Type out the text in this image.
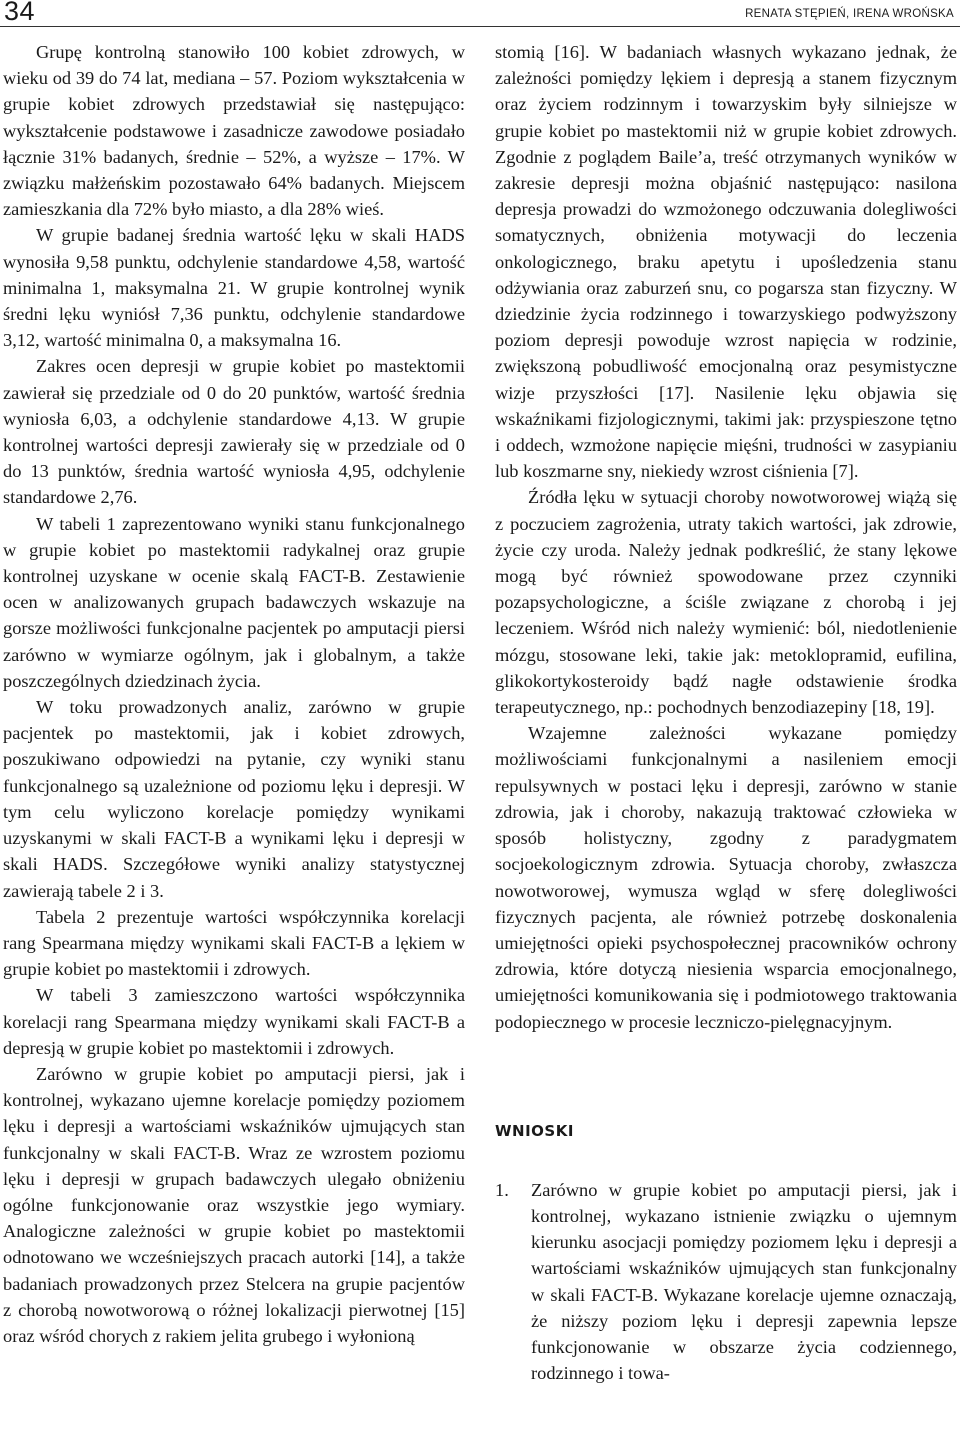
34	RENATA STĘPIEŃ, IRENA WROŃSKA

Grupę kontrolną stanowiło 100 kobiet zdrowych, w wieku od 39 do 74 lat, mediana – 57. Poziom wykształcenia w grupie kobiet zdrowych przedstawiał się następująco: wykształcenie podstawowe i zasadnicze zawodowe posiadało łącznie 31% badanych, średnie – 52%, a wyższe – 17%. W związku małżeńskim pozostawało 64% badanych. Miejscem zamieszkania dla 72% było miasto, a dla 28% wieś.

W grupie badanej średnia wartość lęku w skali HADS wynosiła 9,58 punktu, odchylenie standardowe 4,58, wartość minimalna 1, maksymalna 21. W grupie kontrolnej wynik średni lęku wyniósł 7,36 punktu, odchylenie standardowe 3,12, wartość minimalna 0, a maksymalna 16.

Zakres ocen depresji w grupie kobiet po mastektomii zawierał się przedziale od 0 do 20 punktów, wartość średnia wyniosła 6,03, a odchylenie standardowe 4,13. W grupie kontrolnej wartości depresji zawierały się w przedziale od 0 do 13 punktów, średnia wartość wyniosła 4,95, odchylenie standardowe 2,76.

W tabeli 1 zaprezentowano wyniki stanu funkcjonalnego w grupie kobiet po mastektomii radykalnej oraz grupie kontrolnej uzyskane w ocenie skalą FACT-B. Zestawienie ocen w analizowanych grupach badawczych wskazuje na gorsze możliwości funkcjonalne pacjentek po amputacji piersi zarówno w wymiarze ogólnym, jak i globalnym, a także poszczególnych dziedzinach życia.

W toku prowadzonych analiz, zarówno w grupie pacjentek po mastektomii, jak i kobiet zdrowych, poszukiwano odpowiedzi na pytanie, czy wyniki stanu funkcjonalnego są uzależnione od poziomu lęku i depresji. W tym celu wyliczono korelacje pomiędzy wynikami uzyskanymi w skali FACT-B a wynikami lęku i depresji w skali HADS. Szczegółowe wyniki analizy statystycznej zawierają tabele 2 i 3.

Tabela 2 prezentuje wartości współczynnika korelacji rang Spearmana między wynikami skali FACT-B a lękiem w grupie kobiet po mastektomii i zdrowych.

W tabeli 3 zamieszczono wartości współczynnika korelacji rang Spearmana między wynikami skali FACT-B a depresją w grupie kobiet po mastektomii i zdrowych.

Zarówno w grupie kobiet po amputacji piersi, jak i kontrolnej, wykazano ujemne korelacje pomiędzy poziomem lęku i depresji a wartościami wskaźników ujmujących stan funkcjonalny w skali FACT-B. Wraz ze wzrostem poziomu lęku i depresji w grupach badawczych ulegało obniżeniu ogólne funkcjonowanie oraz wszystkie jego wymiary. Analogiczne zależności w grupie kobiet po mastektomii odnotowano we wcześniejszych pracach autorki [14], a także badaniach prowadzonych przez Stelcera na grupie pacjentów z chorobą nowotworową o różnej lokalizacji pierwotnej [15] oraz wśród chorych z rakiem jelita grubego i wyłonioną

stomią [16]. W badaniach własnych wykazano jednak, że zależności pomiędzy lękiem i depresją a stanem fizycznym oraz życiem rodzinnym i towarzyskim były silniejsze w grupie kobiet po mastektomii niż w grupie kobiet zdrowych. Zgodnie z poglądem Baile’a, treść otrzymanych wyników w zakresie depresji można objaśnić następująco: nasilona depresja prowadzi do wzmożonego odczuwania dolegliwości somatycznych, obniżenia motywacji do leczenia onkologicznego, braku apetytu i upośledzenia stanu odżywiania oraz zaburzeń snu, co pogarsza stan fizyczny. W dziedzinie życia rodzinnego i towarzyskiego podwyższony poziom depresji powoduje wzrost napięcia w rodzinie, zwiększoną pobudliwość emocjonalną oraz pesymistyczne wizje przyszłości [17]. Nasilenie lęku objawia się wskaźnikami fizjologicznymi, takimi jak: przyspieszone tętno i oddech, wzmożone napięcie mięśni, trudności w zasypianiu lub koszmarne sny, niekiedy wzrost ciśnienia [7].

Źródła lęku w sytuacji choroby nowotworowej wiążą się z poczuciem zagrożenia, utraty takich wartości, jak zdrowie, życie czy uroda. Należy jednak podkreślić, że stany lękowe mogą być również spowodowane przez czynniki pozapsychologiczne, a ściśle związane z chorobą i jej leczeniem. Wśród nich należy wymienić: ból, niedotlenienie mózgu, stosowane leki, takie jak: metoklopramid, eufilina, glikokortykosteroidy bądź nagłe odstawienie środka terapeutycznego, np.: pochodnych benzodiazepiny [18, 19].

Wzajemne zależności wykazane pomiędzy możliwościami funkcjonalnymi a nasileniem emocji repulsywnych w postaci lęku i depresji, zarówno w stanie zdrowia, jak i choroby, nakazują traktować człowieka w sposób holistyczny, zgodny z paradygmatem socjoekologicznym zdrowia. Sytuacja choroby, zwłaszcza nowotworowej, wymusza wgląd w sferę dolegliwości fizycznych pacjenta, ale również potrzebę doskonalenia umiejętności opieki psychospołecznej pracowników ochrony zdrowia, które dotyczą niesienia wsparcia emocjonalnego, umiejętności komunikowania się i podmiotowego traktowania podopiecznego w procesie leczniczo-pielęgnacyjnym.

WNIOSKI
1.	Zarówno w grupie kobiet po amputacji piersi, jak i kontrolnej, wykazano istnienie związku o ujemnym kierunku asocjacji pomiędzy poziomem lęku i depresji a wartościami wskaźników ujmujących stan funkcjonalny w skali FACT-B. Wykazane korelacje ujemne oznaczają, że niższy poziom lęku i depresji zapewnia lepsze funkcjonowanie w obszarze życia codziennego, rodzinnego i towa-
